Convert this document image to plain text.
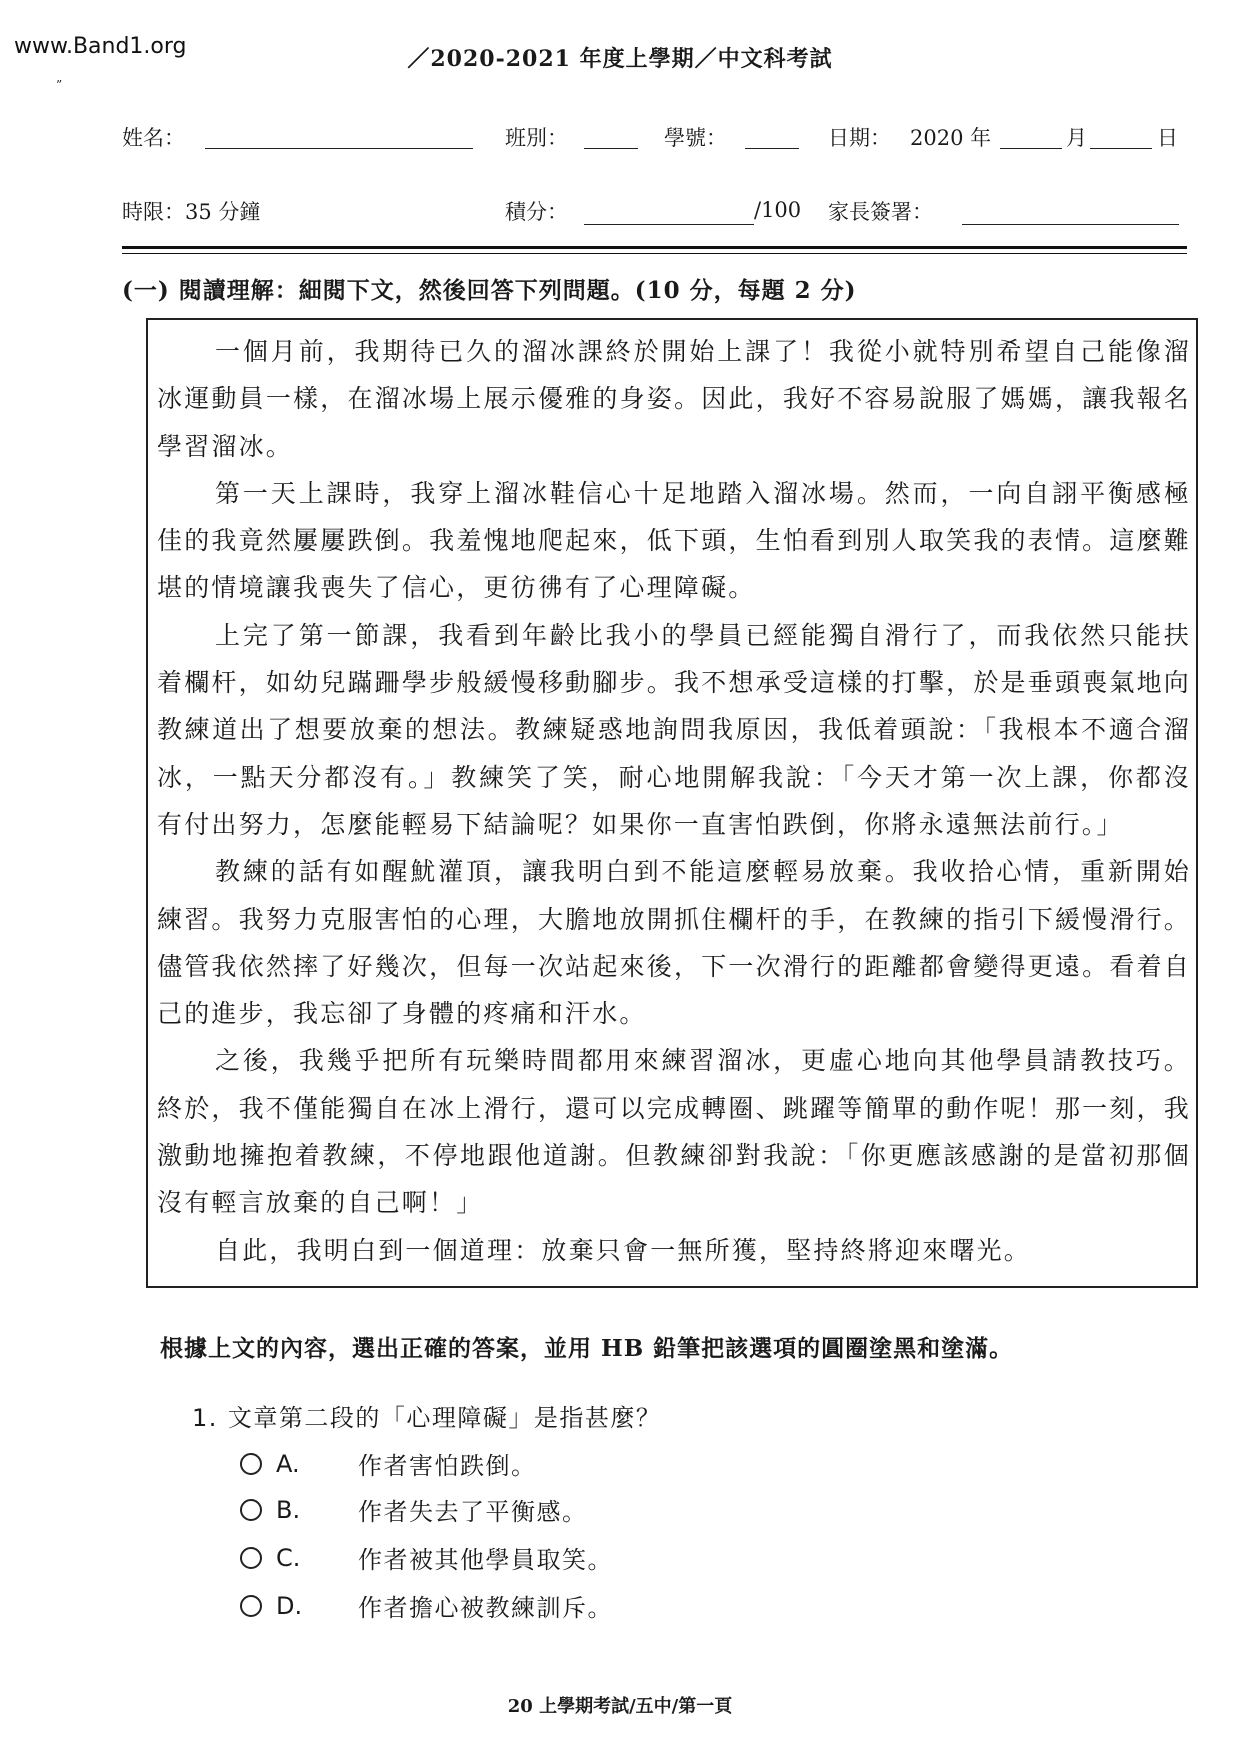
www.Band1.org
”
／2020-2021 年度上學期／中文科考試
姓名：	班別：	學號：	日期： 2020 年	月	日
時限：35 分鐘	積分：	/100 家長簽署：
(一) 閱讀理解：細閱下文，然後回答下列問題。(10 分，每題 2 分)

一個月前，我期待已久的溜冰課終於開始上課了！我從小就特別希望自己能像溜冰運動員一樣，在溜冰場上展示優雅的身姿。因此，我好不容易說服了媽媽，讓我報名學習溜冰。

第一天上課時，我穿上溜冰鞋信心十足地踏入溜冰場。然而，一向自詡平衡感極佳的我竟然屢屢跌倒。我羞愧地爬起來，低下頭，生怕看到別人取笑我的表情。這麼難堪的情境讓我喪失了信心，更彷彿有了心理障礙。

上完了第一節課，我看到年齡比我小的學員已經能獨自滑行了，而我依然只能扶着欄杆，如幼兒蹣跚學步般緩慢移動腳步。我不想承受這樣的打擊，於是垂頭喪氣地向教練道出了想要放棄的想法。教練疑惑地詢問我原因，我低着頭說：「我根本不適合溜冰，一點天分都沒有。」教練笑了笑，耐心地開解我說：「今天才第一次上課，你都沒有付出努力，怎麼能輕易下結論呢？如果你一直害怕跌倒，你將永遠無法前行。」

教練的話有如醒魷灌頂，讓我明白到不能這麼輕易放棄。我收拾心情，重新開始練習。我努力克服害怕的心理，大膽地放開抓住欄杆的手，在教練的指引下緩慢滑行。儘管我依然摔了好幾次，但每一次站起來後，下一次滑行的距離都會變得更遠。看着自己的進步，我忘卻了身體的疼痛和汗水。

之後，我幾乎把所有玩樂時間都用來練習溜冰，更虛心地向其他學員請教技巧。終於，我不僅能獨自在冰上滑行，還可以完成轉圈、跳躍等簡單的動作呢！那一刻，我激動地擁抱着教練，不停地跟他道謝。但教練卻對我說：「你更應該感謝的是當初那個沒有輕言放棄的自己啊！」

自此，我明白到一個道理：放棄只會一無所獲，堅持終將迎來曙光。

根據上文的內容，選出正確的答案，並用 HB 鉛筆把該選項的圓圈塗黑和塗滿。
1. 文章第二段的「心理障礙」是指甚麼？
A.	作者害怕跌倒。
B.	作者失去了平衡感。
C.	作者被其他學員取笑。
D.	作者擔心被教練訓斥。
20 上學期考試/五中/第一頁
